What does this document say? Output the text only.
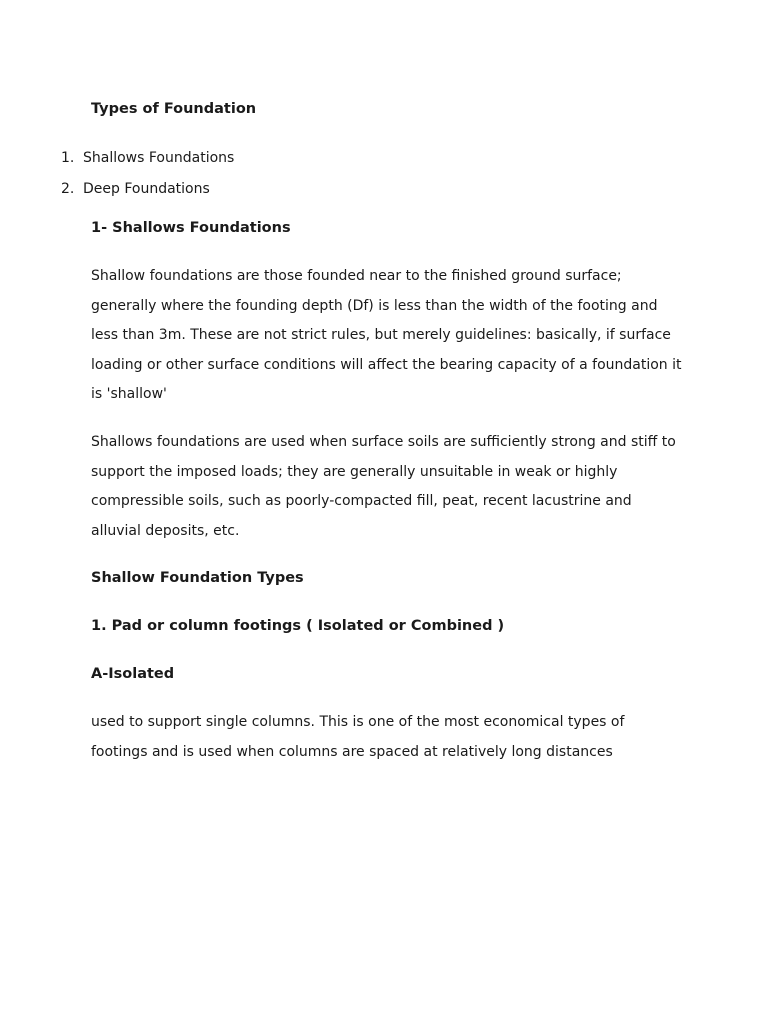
Types of Foundation
1. Shallows Foundations
2. Deep Foundations
1- Shallows Foundations
Shallow foundations are those founded near to the finished ground surface;
generally where the founding depth (Df) is less than the width of the footing and
less than 3m. These are not strict rules, but merely guidelines: basically, if surface
loading or other surface conditions will affect the bearing capacity of a foundation it
is 'shallow'
Shallows foundations are used when surface soils are sufficiently strong and stiff to
support the imposed loads; they are generally unsuitable in weak or highly
compressible soils, such as poorly-compacted fill, peat, recent lacustrine and
alluvial deposits, etc.
Shallow Foundation Types
1. Pad or column footings ( Isolated or Combined )
A-Isolated
used to support single columns. This is one of the most economical types of
footings and is used when columns are spaced at relatively long distances
